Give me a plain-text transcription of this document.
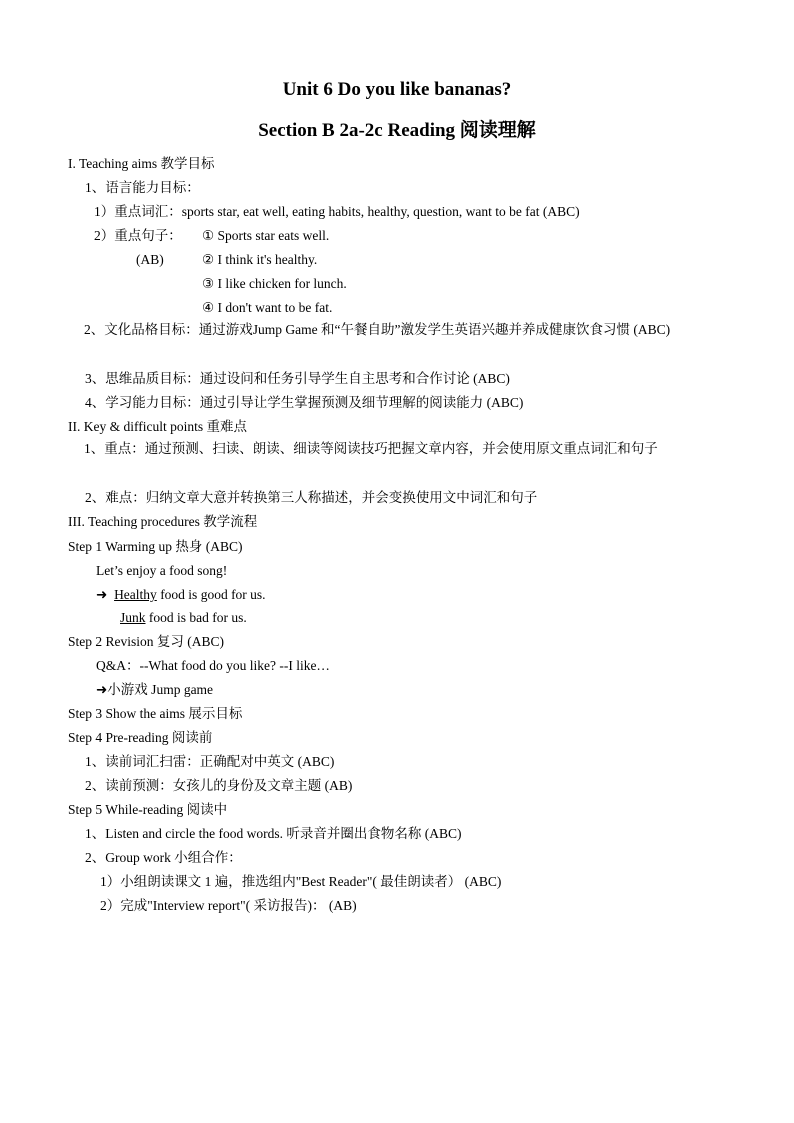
Unit 6 Do you like bananas?
Section B 2a-2c Reading 阅读理解
I. Teaching aims 教学目标
1、语言能力目标：
1）重点词汇：sports star, eat well, eating habits, healthy, question, want to be fat (ABC)
2）重点句子： ① Sports star eats well.
(AB)	② I think it's healthy.
③ I like chicken for lunch.
④ I don't want to be fat.
2、文化品格目标：通过游戏Jump Game 和“午餐自助”激发学生英语兴趣并养成健康饮食习惯 (ABC)
3、思维品质目标：通过设问和任务引导学生自主思考和合作讨论 (ABC)
4、学习能力目标：通过引导让学生掌握预测及细节理解的阅读能力 (ABC)
II. Key & difficult points 重难点
1、重点：通过预测、扫读、朗读、细读等阅读技巧把握文章内容，并会使用原文重点词汇和句子
2、难点：归纳文章大意并转换第三人称描述，并会变换使用文中词汇和句子
III. Teaching procedures 教学流程
Step 1 Warming up 热身 (ABC)
Let’s enjoy a food song!
➜ Healthy food is good for us.
Junk food is bad for us.
Step 2 Revision 复习 (ABC)
Q&A：--What food do you like? --I like…
➜小游戏 Jump game
Step 3 Show the aims 展示目标
Step 4 Pre-reading 阅读前
1、读前词汇扫雷：正确配对中英文 (ABC)
2、读前预测：女孩儿的身份及文章主题 (AB)
Step 5 While-reading 阅读中
1、Listen and circle the food words. 听录音并圈出食物名称 (ABC)
2、Group work 小组合作：
1）小组朗读课文 1 遍，推选组内"Best Reader"( 最佳朗读者） (ABC)
2）完成"Interview report"( 采访报告)： (AB)
